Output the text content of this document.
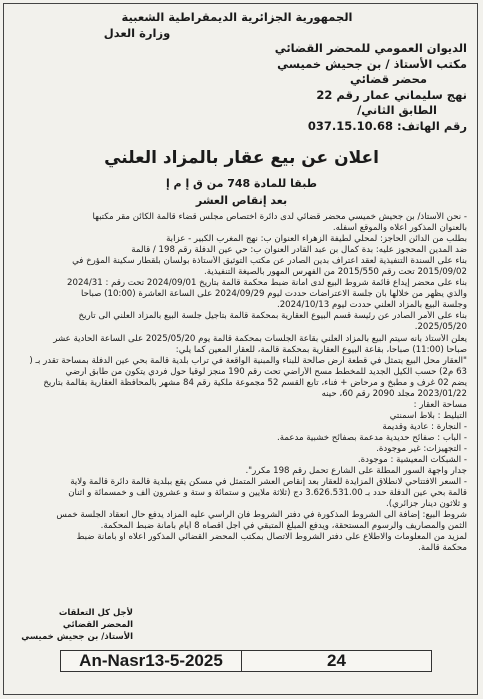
الجمهورية الجزائرية الديمقراطية الشعبية
وزارة العدل
الديوان العمومي للمحضر القضائي
مكتب الأستاذ / بن جحيش خميسي
محضر قضائي
نهج سليماني عمار رقم 22
الطابق الثاني/
رقم الهاتف: 037.15.10.68
اعلان عن بيع عقار بالمزاد العلني
طبقا للمادة 748 من ق إ م إ
بعد إنقاص العشر
- نحن الأستاذ/ بن جحيش خميسي محضر قضائي لدى دائرة اختصاص مجلس قضاء قالمة الكائن مقر مكتبها
بالعنوان المذكور أعلاه والموقع أسفله.
بطلب من الدائن الحاجز: لمحلي لطيفة الزهراء العنوان ب: نهج المغرب الكبير - عزابة
ضد المدين المحجوز عليه: بدة كمال بن عبد القادر العنوان ب: حي عين الدفلة رقم 198 / قالمة
بناء على السندة التنفيذية لعقد اعتراف بدين الصادر عن مكتب التوثيق الأستاذة بولسان بلقطار سكينة المؤرخ في
2015/09/02 تحت رقم 2015/550 من الفهرس المهور بالصيغة التنفيذية.
بناء على محضر إيداع قائمة شروط البيع لدى أمانة ضبط محكمة قالمة بتاريخ 2024/09/01 تحت رقم : 2024/31
والذي يظهر من خلالها بأن جلسة الاعتراضات حددت ليوم 2024/09/29 على الساعة العاشرة (10:00) صباحا
وجلسة البيع بالمزاد العلني حددت ليوم 2024/10/13.
بناء على الأمر الصادر عن رئيسة قسم البيوع العقارية بمحكمة قالمة بتأجيل جلسة البيع بالمزاد العلني الى تاريخ
2025/05/20.
يعلن الأستاذ بأنه سيتم البيع بالمزاد العلني بقاعة الجلسات بمحكمة قالمة يوم 2025/05/20 على الساعة الحادية عشر
صباحا (11:00) صباحا، بقاعة البيوع العقارية بمحكمة قالمة، للعقار المعين كما يلي:
"العقار محل البيع يتمثل في قطعة أرض صالحة للبناء والمبنية الواقعة في تراب بلدية قالمة بحي عين الدفلة بمساحة تقدر بـ (
63 م2) حسب الكيل الجديد للمخطط مسح الأراضي تحت رقم 190 منجز لوقيا حول فردي يتكون من طابق أرضي
يضم 02 غرف و مطبخ و مرحاض + فناء، تابع القسم 52 مجموعة ملكية رقم 84 مشهر بالمحافظة العقارية بقالمة بتاريخ
2023/01/22 مجلد 2090 رقم 60، حينه
مساحة العقار :
التبليط : بلاط اسمنتي
- النجارة : عادية وقديمة
- الباب : صفائح حديدية مدعمة بصفائح خشبية مدعمة.
- التجهيزات: غير موجودة.
- الشبكات المعيشية : موجودة.
جدار واجهة السور المطلة على الشارع تحمل رقم 198 مكرر".
- السعر الافتتاحي لانطلاق المزايدة للعقار بعد إنقاص العشر المتمثل في مسكن يقع ببلدية قالمة دائرة قالمة ولاية
قالمة بحي عين الدفلة حدد بـ 3.626.531.00 دج (ثلاثة ملايين و ستمائة و ستة و عشرون ألف و خمسمائة و اثنان
و ثلاثون دينار جزائري).
شروط البيع: إضافة الى الشروط المذكورة في دفتر الشروط فان الراسي عليه المزاد يدفع حال انعقاد الجلسة خمس
الثمن والمصاريف والرسوم المستحقة، ويدفع المبلغ المتبقي في أجل أقصاه 8 أيام بأمانة ضبط المحكمة.
لمزيد من المعلومات والاطلاع على دفتر الشروط الاتصال بمكتب المحضر القضائي المذكور أعلاه أو بأمانة ضبط
محكمة قالمة.
لأجل كل التعلقات
المحضر القضائي
الأستاذ/ بن جحيش خميسي
An-Nasr13-5-2025	24
